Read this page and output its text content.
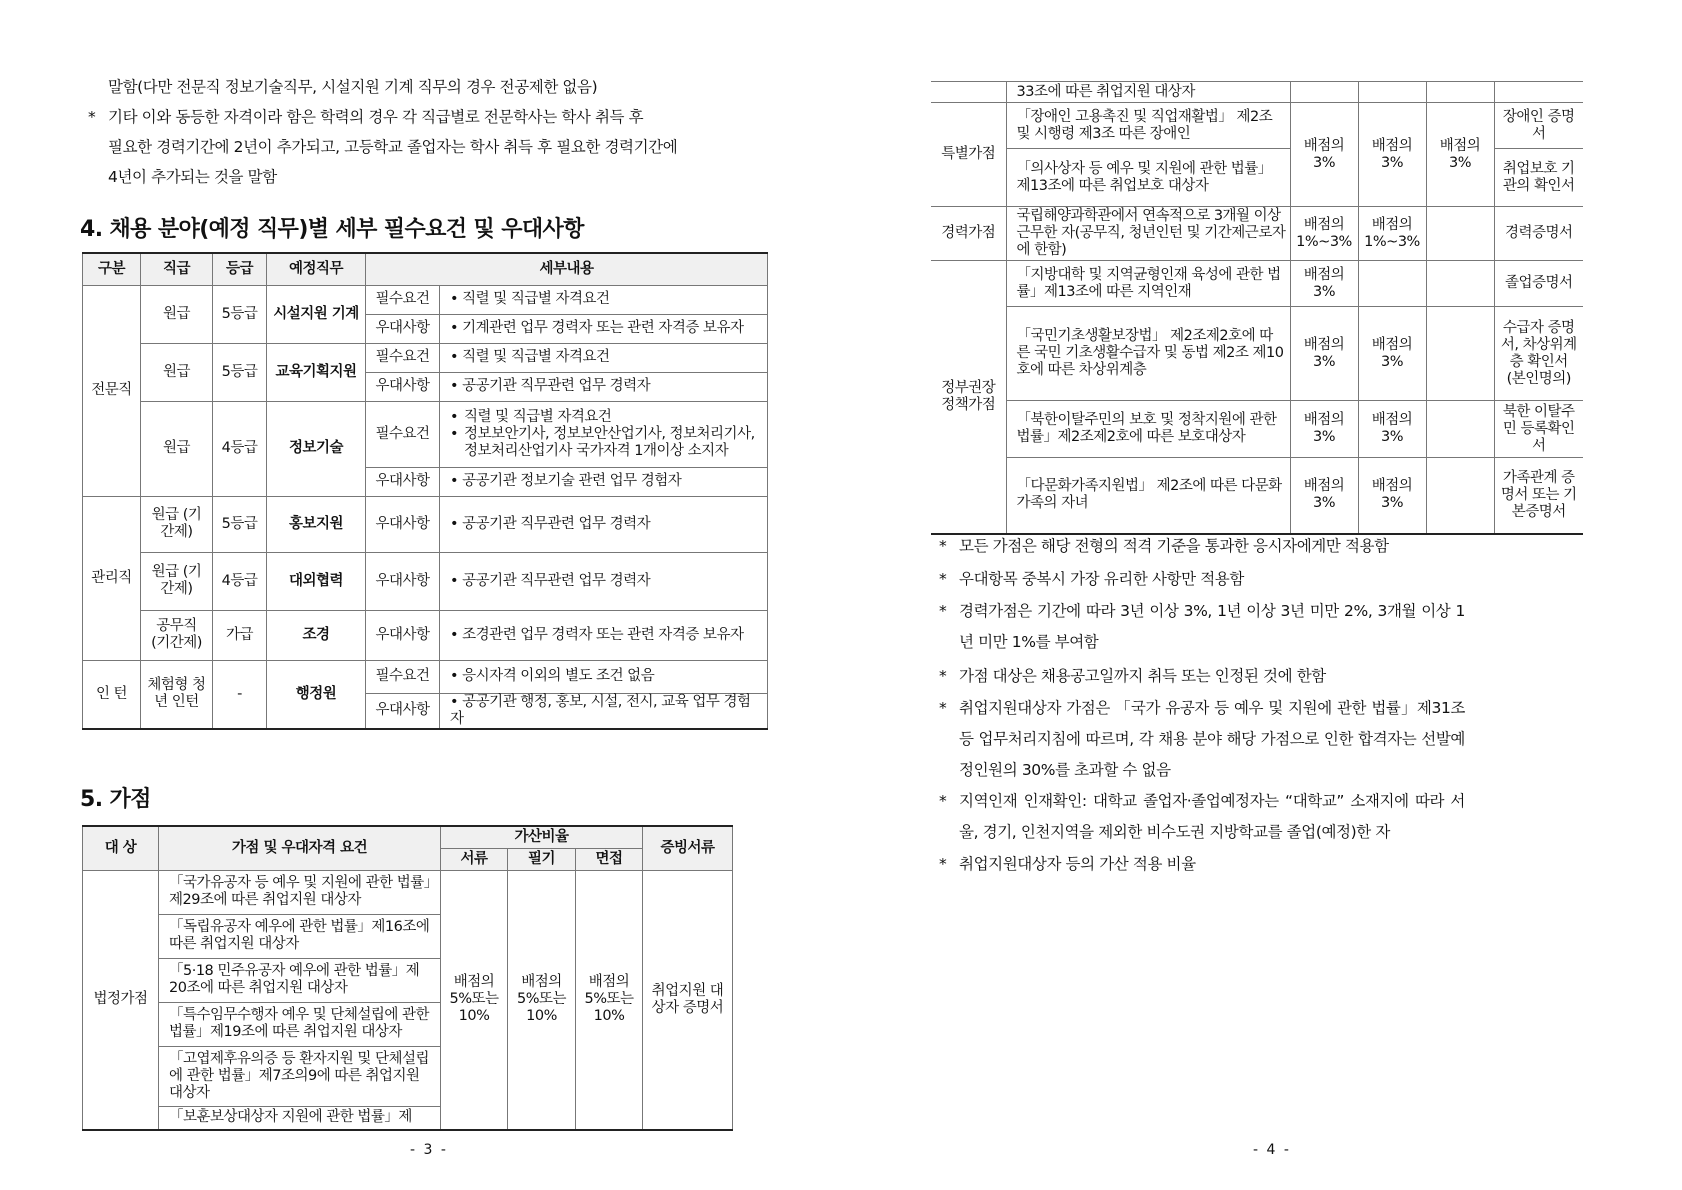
말함(다만 전문직 정보기술직무, 시설지원 기계 직무의 경우 전공제한 없음)
* 기타 이와 동등한 자격이라 함은 학력의 경우 각 직급별로 전문학사는 학사 취득 후
필요한 경력기간에 2년이 추가되고, 고등학교 졸업자는 학사 취득 후 필요한 경력기간에
4년이 추가되는 것을 말함
4. 채용 분야(예정 직무)별 세부 필수요건 및 우대사항
구분	직급	등급	예정직무	세부내용	
전문직	원급	5등급	시설지원 기계	필수요건	• 직렬 및 직급별 자격요건
				우대사항	• 기계관련 업무 경력자 또는 관련 자격증 보유자
	원급	5등급	교육기획지원	필수요건	• 직렬 및 직급별 자격요건
				우대사항	• 공공기관 직무관련 업무 경력자
	원급	4등급	정보기술	필수요건	• 직렬 및 직급별 자격요건
• 정보보안기사, 정보보안산업기사, 정보처리기사, 정보처리산업기사 국가자격 1개이상 소지자

				우대사항	• 공공기관 정보기술 관련 업무 경험자

관리직	원급 (기간제)	5등급	홍보지원	우대사항	• 공공기관 직무관련 업무 경력자
	원급 (기간제)	4등급	대외협력	우대사항	• 공공기관 직무관련 업무 경력자
	공무직 (기간제)	가급	조경	우대사항	• 조경관련 업무 경력자 또는 관련 자격증 보유자
인 턴	체험형 청년 인턴	-	행정원	필수요건	• 응시자격 이외의 별도 조건 없음
				우대사항	• 공공기관 행정, 홍보, 시설, 전시, 교육 업무 경험자
5. 가점
대 상	가점 및 우대자격 요건	가산비율			증빙서류
		서류	필기	면접	
법정가점	「국가유공자 등 예우 및 지원에 관한 법률」제29조에 따른 취업지원 대상자	배점의 5%또는 10%	배점의 5%또는 10%	배점의 5%또는 10%	취업지원 대상자 증명서
	「독립유공자 예우에 관한 법률」제16조에 따른 취업지원 대상자				
	「5·18 민주유공자 예우에 관한 법률」제20조에 따른 취업지원 대상자				
	「특수임무수행자 예우 및 단체설립에 관한 법률」제19조에 따른 취업지원 대상자				
	「고엽제후유의증 등 환자지원 및 단체설립에 관한 법률」제7조의9에 따른 취업지원 대상자				
	「보훈보상대상자 지원에 관한 법률」제				
- 3 -
	33조에 따른 취업지원 대상자				
특별가점	「장애인 고용촉진 및 직업재활법」 제2조 및 시행령 제3조 따른 장애인	배점의 3%	배점의 3%	배점의 3%	장애인 증명서
	「의사상자 등 예우 및 지원에 관한 법률」 제13조에 따른 취업보호 대상자				취업보호 기관의 확인서
경력가점	국립해양과학관에서 연속적으로 3개월 이상 근무한 자(공무직, 청년인턴 및 기간제근로자에 한함)	배점의 1%~3%	배점의 1%~3%		경력증명서
정부권장 정책가점	「지방대학 및 지역균형인재 육성에 관한 법률」제13조에 따른 지역인재	배점의 3%			졸업증명서
	「국민기초생활보장법」 제2조제2호에 따른 국민 기초생활수급자 및 동법 제2조 제10호에 따른 차상위계층	배점의 3%	배점의 3%		수급자 증명서, 차상위계층 확인서 (본인명의)
	「북한이탈주민의 보호 및 정착지원에 관한 법률」제2조제2호에 따른 보호대상자	배점의 3%	배점의 3%		북한 이탈주민 등록확인서
	「다문화가족지원법」 제2조에 따른 다문화가족의 자녀	배점의 3%	배점의 3%		가족관계 증명서 또는 기본증명서
* 모든 가점은 해당 전형의 적격 기준을 통과한 응시자에게만 적용함
* 우대항목 중복시 가장 유리한 사항만 적용함
* 경력가점은 기간에 따라 3년 이상 3%, 1년 이상 3년 미만 2%, 3개월 이상 1년 미만 1%를 부여함
* 가점 대상은 채용공고일까지 취득 또는 인정된 것에 한함
* 취업지원대상자 가점은 「국가 유공자 등 예우 및 지원에 관한 법률」제31조 등 업무처리지침에 따르며, 각 채용 분야 해당 가점으로 인한 합격자는 선발예정인원의 30%를 초과할 수 없음
* 지역인재 인재확인: 대학교 졸업자·졸업예정자는 “대학교” 소재지에 따라 서울, 경기, 인천지역을 제외한 비수도권 지방학교를 졸업(예정)한 자
* 취업지원대상자 등의 가산 적용 비율
- 4 -
